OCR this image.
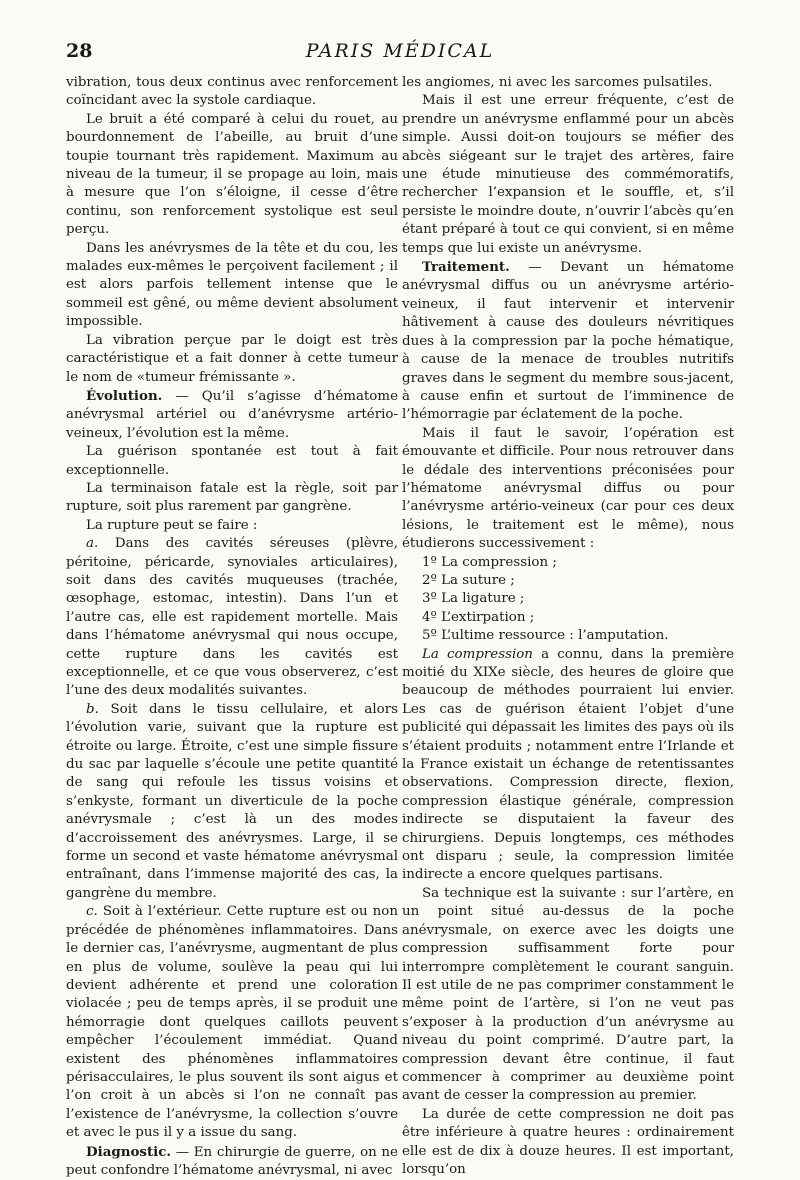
28	PARIS MÉDICAL

vibration, tous deux continus avec renforcement coïncidant avec la systole cardiaque.

Le bruit a été comparé à celui du rouet, au bourdonnement de l’abeille, au bruit d’une toupie tournant très rapidement. Maximum au niveau de la tumeur, il se propage au loin, mais à mesure que l’on s’éloigne, il cesse d’être continu, son renforcement systolique est seul perçu.

Dans les anévrysmes de la tête et du cou, les malades eux-mêmes le perçoivent facilement ; il est alors parfois tellement intense que le sommeil est gêné, ou même devient absolument impossible.

La vibration perçue par le doigt est très caractéristique et a fait donner à cette tumeur le nom de «tumeur frémissante ».

Évolution. — Qu’il s’agisse d’hématome anévrysmal artériel ou d’anévrysme artério-veineux, l’évolution est la même.

La guérison spontanée est tout à fait exceptionnelle.

La terminaison fatale est la règle, soit par rupture, soit plus rarement par gangrène.

La rupture peut se faire :

a. Dans des cavités séreuses (plèvre, péritoine, péricarde, synoviales articulaires), soit dans des cavités muqueuses (trachée, œsophage, estomac, intestin). Dans l’un et l’autre cas, elle est rapidement mortelle. Mais dans l’hématome anévrysmal qui nous occupe, cette rupture dans les cavités est exceptionnelle, et ce que vous observerez, c’est l’une des deux modalités suivantes.

b. Soit dans le tissu cellulaire, et alors l’évolution varie, suivant que la rupture est étroite ou large. Étroite, c’est une simple fissure du sac par laquelle s’écoule une petite quantité de sang qui refoule les tissus voisins et s’enkyste, formant un diverticule de la poche anévrysmale ; c’est là un des modes d’accroissement des anévrysmes. Large, il se forme un second et vaste hématome anévrysmal entraînant, dans l’immense majorité des cas, la gangrène du membre.

c. Soit à l’extérieur. Cette rupture est ou non précédée de phénomènes inflammatoires. Dans le dernier cas, l’anévrysme, augmentant de plus en plus de volume, soulève la peau qui lui devient adhérente et prend une coloration violacée ; peu de temps après, il se produit une hémorragie dont quelques caillots peuvent empêcher l’écoulement immédiat. Quand existent des phénomènes inflammatoires périsacculaires, le plus souvent ils sont aigus et l’on croit à un abcès si l’on ne connaît pas l’existence de l’anévrysme, la collection s’ouvre et avec le pus il y a issue du sang.

Diagnostic. — En chirurgie de guerre, on ne peut confondre l’hématome anévrysmal, ni avec

les angiomes, ni avec les sarcomes pulsatiles.

Mais il est une erreur fréquente, c’est de prendre un anévrysme enflammé pour un abcès simple. Aussi doit-on toujours se méfier des abcès siégeant sur le trajet des artères, faire une étude minutieuse des commémoratifs, rechercher l’expansion et le souffle, et, s’il persiste le moindre doute, n’ouvrir l’abcès qu’en étant préparé à tout ce qui convient, si en même temps que lui existe un anévrysme.

Traitement. — Devant un hématome anévrysmal diffus ou un anévrysme artério-veineux, il faut intervenir et intervenir hâtivement à cause des douleurs névritiques dues à la compression par la poche hématique, à cause de la menace de troubles nutritifs graves dans le segment du membre sous-jacent, à cause enfin et surtout de l’imminence de l’hémorragie par éclatement de la poche.

Mais il faut le savoir, l’opération est émouvante et difficile. Pour nous retrouver dans le dédale des interventions préconisées pour l’hématome anévrysmal diffus ou pour l’anévrysme artério-veineux (car pour ces deux lésions, le traitement est le même), nous étudierons successivement :

1º La compression ;
2º La suture ;
3º La ligature ;
4º L’extirpation ;
5º L’ultime ressource : l’amputation.

La compression a connu, dans la première moitié du XIXe siècle, des heures de gloire que beaucoup de méthodes pourraient lui envier. Les cas de guérison étaient l’objet d’une publicité qui dépassait les limites des pays où ils s’étaient produits ; notamment entre l’Irlande et la France existait un échange de retentissantes observations. Compression directe, flexion, compression élastique générale, compression indirecte se disputaient la faveur des chirurgiens. Depuis longtemps, ces méthodes ont disparu ; seule, la compression limitée indirecte a encore quelques partisans.

Sa technique est la suivante : sur l’artère, en un point situé au-dessus de la poche anévrysmale, on exerce avec les doigts une compression suffisamment forte pour interrompre complètement le courant sanguin. Il est utile de ne pas comprimer constamment le même point de l’artère, si l’on ne veut pas s’exposer à la production d’un anévrysme au niveau du point comprimé. D’autre part, la compression devant être continue, il faut commencer à comprimer au deuxième point avant de cesser la compression au premier.

La durée de cette compression ne doit pas être inférieure à quatre heures : ordinairement elle est de dix à douze heures. Il est important, lorsqu’on
